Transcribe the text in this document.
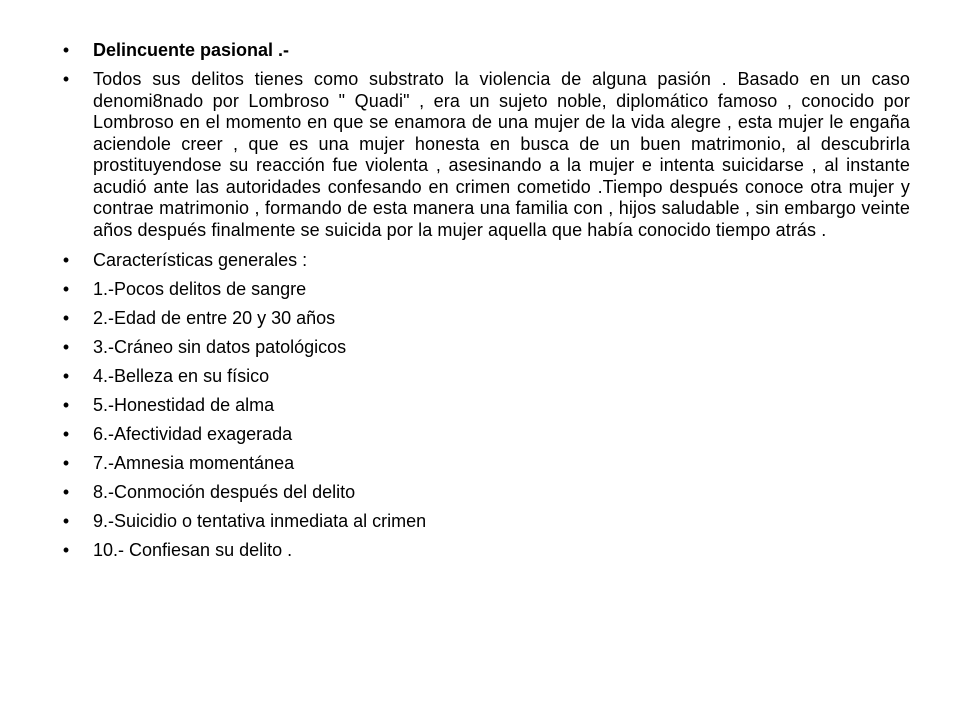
• Delincuente pasional .-
• Todos sus delitos tienes como substrato la violencia de alguna pasión . Basado en un caso denomi8nado por Lombroso " Quadi" , era un sujeto noble, diplomático famoso , conocido por Lombroso en el momento en que se enamora de una mujer de la vida alegre , esta mujer le engaña aciendole creer , que es una mujer honesta en busca de un buen matrimonio, al descubrirla prostituyendose su reacción fue violenta , asesinando a la mujer e intenta suicidarse , al instante acudió ante las autoridades confesando en crimen cometido .Tiempo después conoce otra mujer y contrae matrimonio , formando de esta manera una familia con , hijos saludable , sin embargo veinte años después finalmente se suicida por la mujer aquella que había conocido tiempo atrás .
• Características generales :
• 1.-Pocos delitos de sangre
• 2.-Edad de entre 20 y 30 años
• 3.-Cráneo sin datos patológicos
• 4.-Belleza en su físico
• 5.-Honestidad de alma
• 6.-Afectividad exagerada
• 7.-Amnesia momentánea
• 8.-Conmoción después del delito
• 9.-Suicidio o tentativa inmediata al crimen
• 10.- Confiesan su delito .
